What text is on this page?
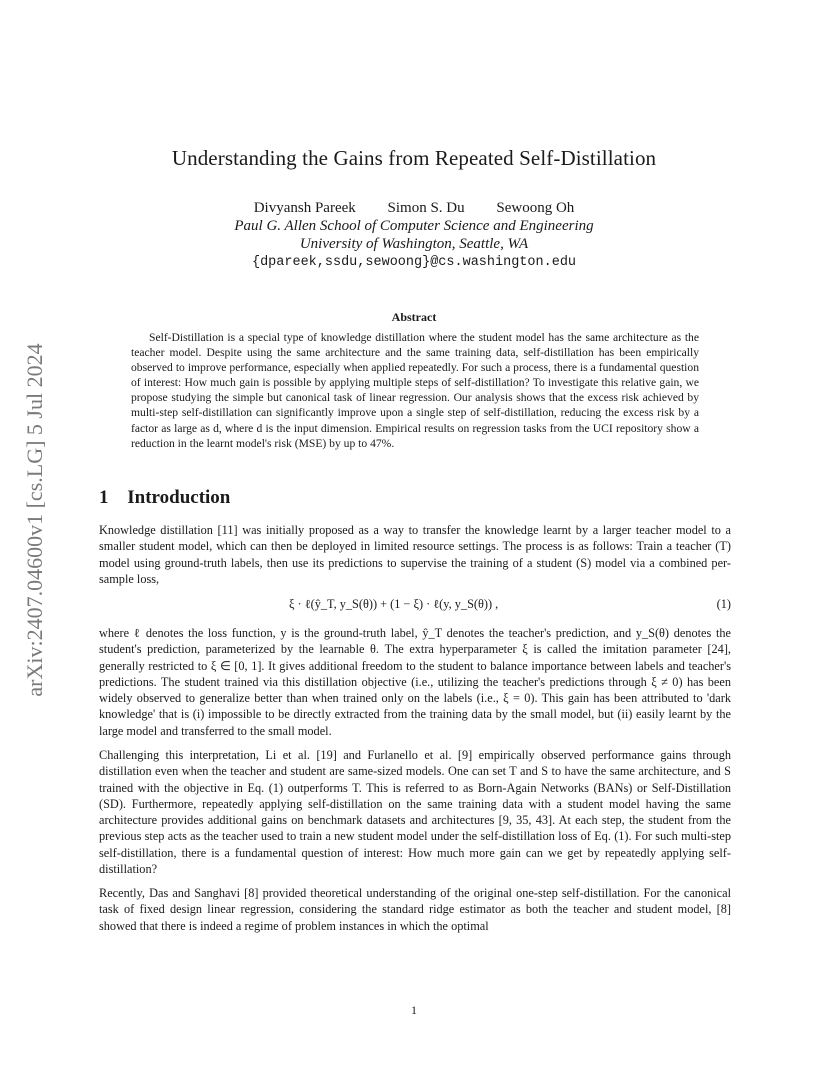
arXiv:2407.04600v1 [cs.LG] 5 Jul 2024
Understanding the Gains from Repeated Self-Distillation
Divyansh Pareek Simon S. Du Sewoong Oh
Paul G. Allen School of Computer Science and Engineering
University of Washington, Seattle, WA
{dpareek,ssdu,sewoong}@cs.washington.edu
Abstract
Self-Distillation is a special type of knowledge distillation where the student model has the same architecture as the teacher model. Despite using the same architecture and the same training data, self-distillation has been empirically observed to improve performance, especially when applied repeatedly. For such a process, there is a fundamental question of interest: How much gain is possible by applying multiple steps of self-distillation? To investigate this relative gain, we propose studying the simple but canonical task of linear regression. Our analysis shows that the excess risk achieved by multi-step self-distillation can significantly improve upon a single step of self-distillation, reducing the excess risk by a factor as large as d, where d is the input dimension. Empirical results on regression tasks from the UCI repository show a reduction in the learnt model's risk (MSE) by up to 47%.
1 Introduction
Knowledge distillation [11] was initially proposed as a way to transfer the knowledge learnt by a larger teacher model to a smaller student model, which can then be deployed in limited resource settings. The process is as follows: Train a teacher (T) model using ground-truth labels, then use its predictions to supervise the training of a student (S) model via a combined per-sample loss,
ξ · ℓ(ŷ_T, y_S(θ)) + (1 − ξ) · ℓ(y, y_S(θ)) ,	(1)
where ℓ denotes the loss function, y is the ground-truth label, ŷ_T denotes the teacher's prediction, and y_S(θ) denotes the student's prediction, parameterized by the learnable θ. The extra hyperparameter ξ is called the imitation parameter [24], generally restricted to ξ ∈ [0, 1]. It gives additional freedom to the student to balance importance between labels and teacher's predictions. The student trained via this distillation objective (i.e., utilizing the teacher's predictions through ξ ≠ 0) has been widely observed to generalize better than when trained only on the labels (i.e., ξ = 0). This gain has been attributed to 'dark knowledge' that is (i) impossible to be directly extracted from the training data by the small model, but (ii) easily learnt by the large model and transferred to the small model.
Challenging this interpretation, Li et al. [19] and Furlanello et al. [9] empirically observed performance gains through distillation even when the teacher and student are same-sized models. One can set T and S to have the same architecture, and S trained with the objective in Eq. (1) outperforms T. This is referred to as Born-Again Networks (BANs) or Self-Distillation (SD). Furthermore, repeatedly applying self-distillation on the same training data with a student model having the same architecture provides additional gains on benchmark datasets and architectures [9, 35, 43]. At each step, the student from the previous step acts as the teacher used to train a new student model under the self-distillation loss of Eq. (1). For such multi-step self-distillation, there is a fundamental question of interest: How much more gain can we get by repeatedly applying self-distillation?
Recently, Das and Sanghavi [8] provided theoretical understanding of the original one-step self-distillation. For the canonical task of fixed design linear regression, considering the standard ridge estimator as both the teacher and student model, [8] showed that there is indeed a regime of problem instances in which the optimal
1
